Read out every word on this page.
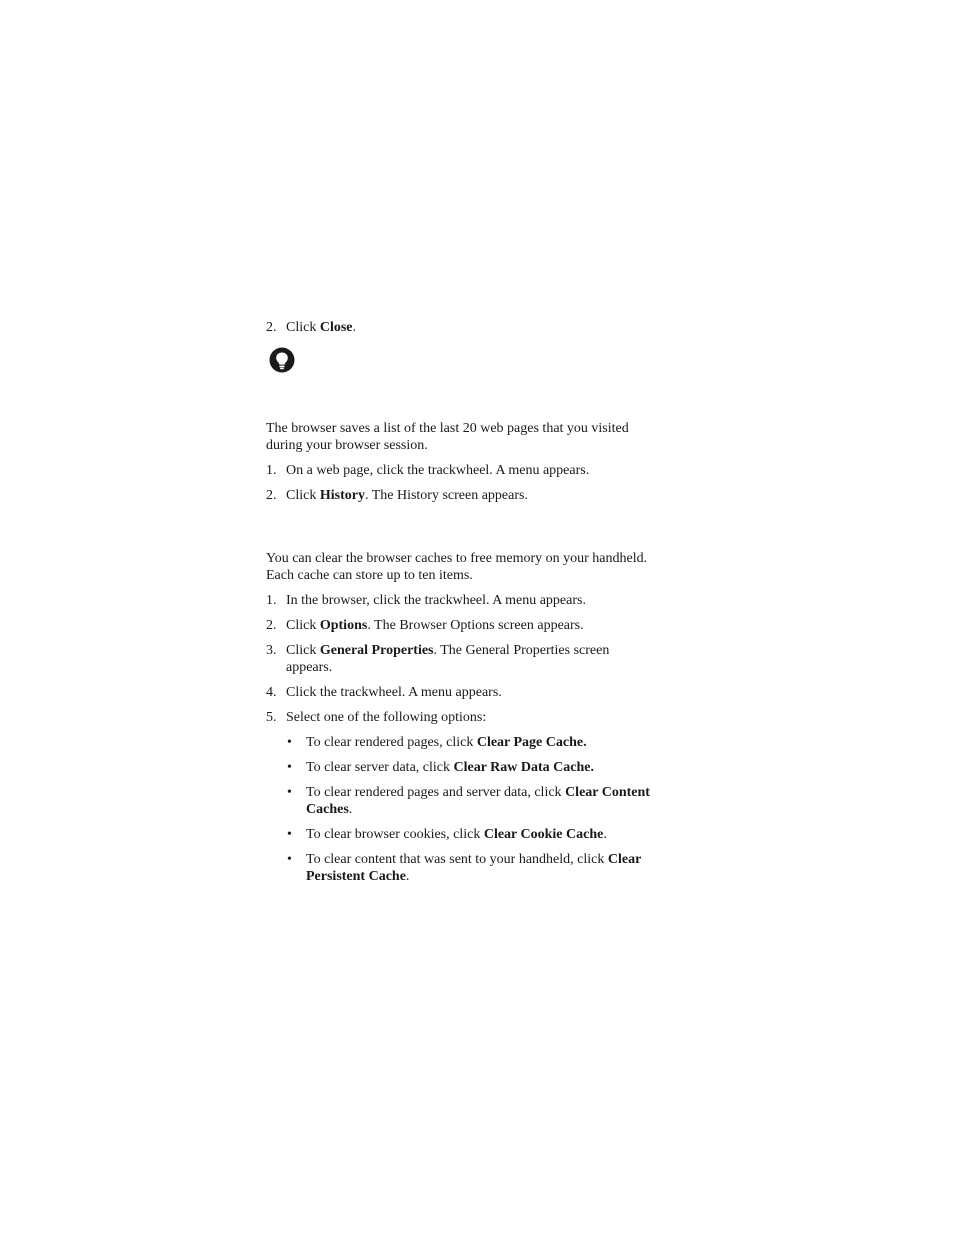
2. Click Close.
The browser saves a list of the last 20 web pages that you visited
during your browser session.
1. On a web page, click the trackwheel. A menu appears.
2. Click History. The History screen appears.
You can clear the browser caches to free memory on your handheld.
Each cache can store up to ten items.
1. In the browser, click the trackwheel. A menu appears.
2. Click Options. The Browser Options screen appears.
3. Click General Properties. The General Properties screen
appears.
4. Click the trackwheel. A menu appears.
5. Select one of the following options:
• To clear rendered pages, click Clear Page Cache.
• To clear server data, click Clear Raw Data Cache.
• To clear rendered pages and server data, click Clear Content
Caches.
• To clear browser cookies, click Clear Cookie Cache.
• To clear content that was sent to your handheld, click Clear
Persistent Cache.
